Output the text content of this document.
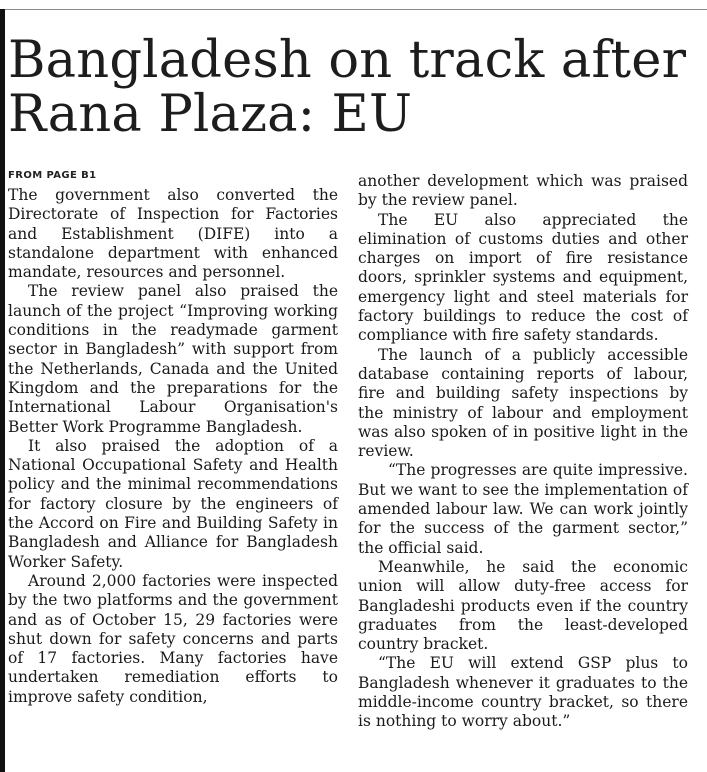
Bangladesh on track after Rana Plaza: EU
FROM PAGE B1

The government also converted the Directorate of Inspection for Factories and Establishment (DIFE) into a standalone department with enhanced mandate, resources and personnel.

The review panel also praised the launch of the project “Improving working conditions in the readymade garment sector in Bangladesh” with support from the Netherlands, Canada and the United Kingdom and the preparations for the International Labour Organisation's Better Work Programme Bangladesh.

It also praised the adoption of a National Occupational Safety and Health policy and the minimal recommendations for factory closure by the engineers of the Accord on Fire and Building Safety in Bangladesh and Alliance for Bangladesh Worker Safety.

Around 2,000 factories were inspected by the two platforms and the government and as of October 15, 29 factories were shut down for safety concerns and parts of 17 factories. Many factories have undertaken remediation efforts to improve safety condition,

another development which was praised by the review panel.

The EU also appreciated the elimination of customs duties and other charges on import of fire resistance doors, sprinkler systems and equipment, emergency light and steel materials for factory buildings to reduce the cost of compliance with fire safety standards.

The launch of a publicly accessible database containing reports of labour, fire and building safety inspections by the ministry of labour and employment was also spoken of in positive light in the review.

“The progresses are quite impressive. But we want to see the implementation of amended labour law. We can work jointly for the success of the garment sector,” the official said.

Meanwhile, he said the economic union will allow duty-free access for Bangladeshi products even if the country graduates from the least-developed country bracket.

“The EU will extend GSP plus to Bangladesh whenever it graduates to the middle-income country bracket, so there is nothing to worry about.”
